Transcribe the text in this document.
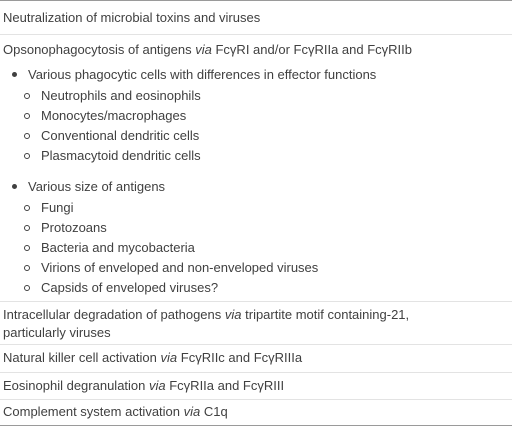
Neutralization of microbial toxins and viruses
Opsonophagocytosis of antigens via FcγRI and/or FcγRIIa and FcγRIIb
Various phagocytic cells with differences in effector functions
Neutrophils and eosinophils
Monocytes/macrophages
Conventional dendritic cells
Plasmacytoid dendritic cells
Various size of antigens
Fungi
Protozoans
Bacteria and mycobacteria
Virions of enveloped and non-enveloped viruses
Capsids of enveloped viruses?
Intracellular degradation of pathogens via tripartite motif containing-21,
particularly viruses
Natural killer cell activation via FcγRIIc and FcγRIIIa
Eosinophil degranulation via FcγRIIa and FcγRIII
Complement system activation via C1q
